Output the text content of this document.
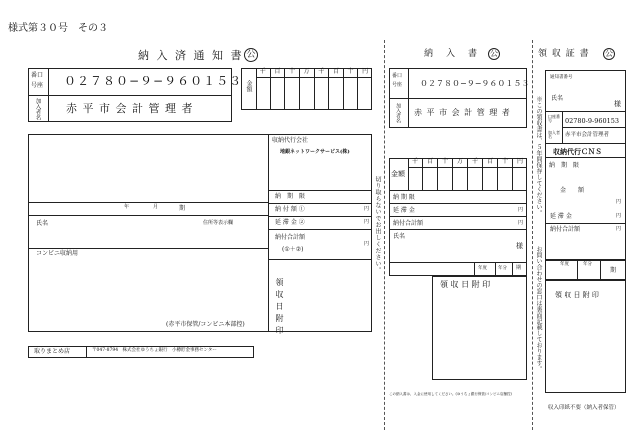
様式第３０号　その３
納 入 済 通 知 書 公
番口
号座 ０２７８０−９−９６０１５３
加入者名 赤 平 市 会 計 管 理 者
金額
千	百	十	万	千	百	十	円
収納代行会社
地銀ネットワークサービス(株)
納　期　限
納 付 額 ①	円
延 滞 金 ②	円
納付合計額
(①＋②)
円
領収日附印
年	月	期
氏名	住所等表示欄
コンビニ収納用
(赤平市保管/コンビニ本部控)
取りまとめ店	〒047-8794　株式会社ゆうちょ銀行　小樽貯金事務センター
切り取らないでお出しください。
納　入　書 公
番口
号座 ０２７８０−９−９６０１５３
加入者名 赤 平 市 会 計 管 理 者
金額
千	百	十	万	千	百	十	円
納 期 限
延 滞 金	円
納付合計額	円
氏名
様
年度 年分 期
領 収 日 附 印
この納入書は、入金に使用してください。(ゆうちょ銀行保管/コンビニ店舗控)
領 収 証 書 公
※この領収書は、５年間保存してください。
お問い合わせの窓口は裏面記載しております。
通知書番号
氏名
様
口座番号	02780-9-960153
加入者名	赤平市会計管理者
収納代行ＣＮＳ
納　期　限
金　　額
円
延 滞 金	円
納付合計額	円
年度	年分
期
領 収 日 附 印
収入印紙不要（納入者保管）
